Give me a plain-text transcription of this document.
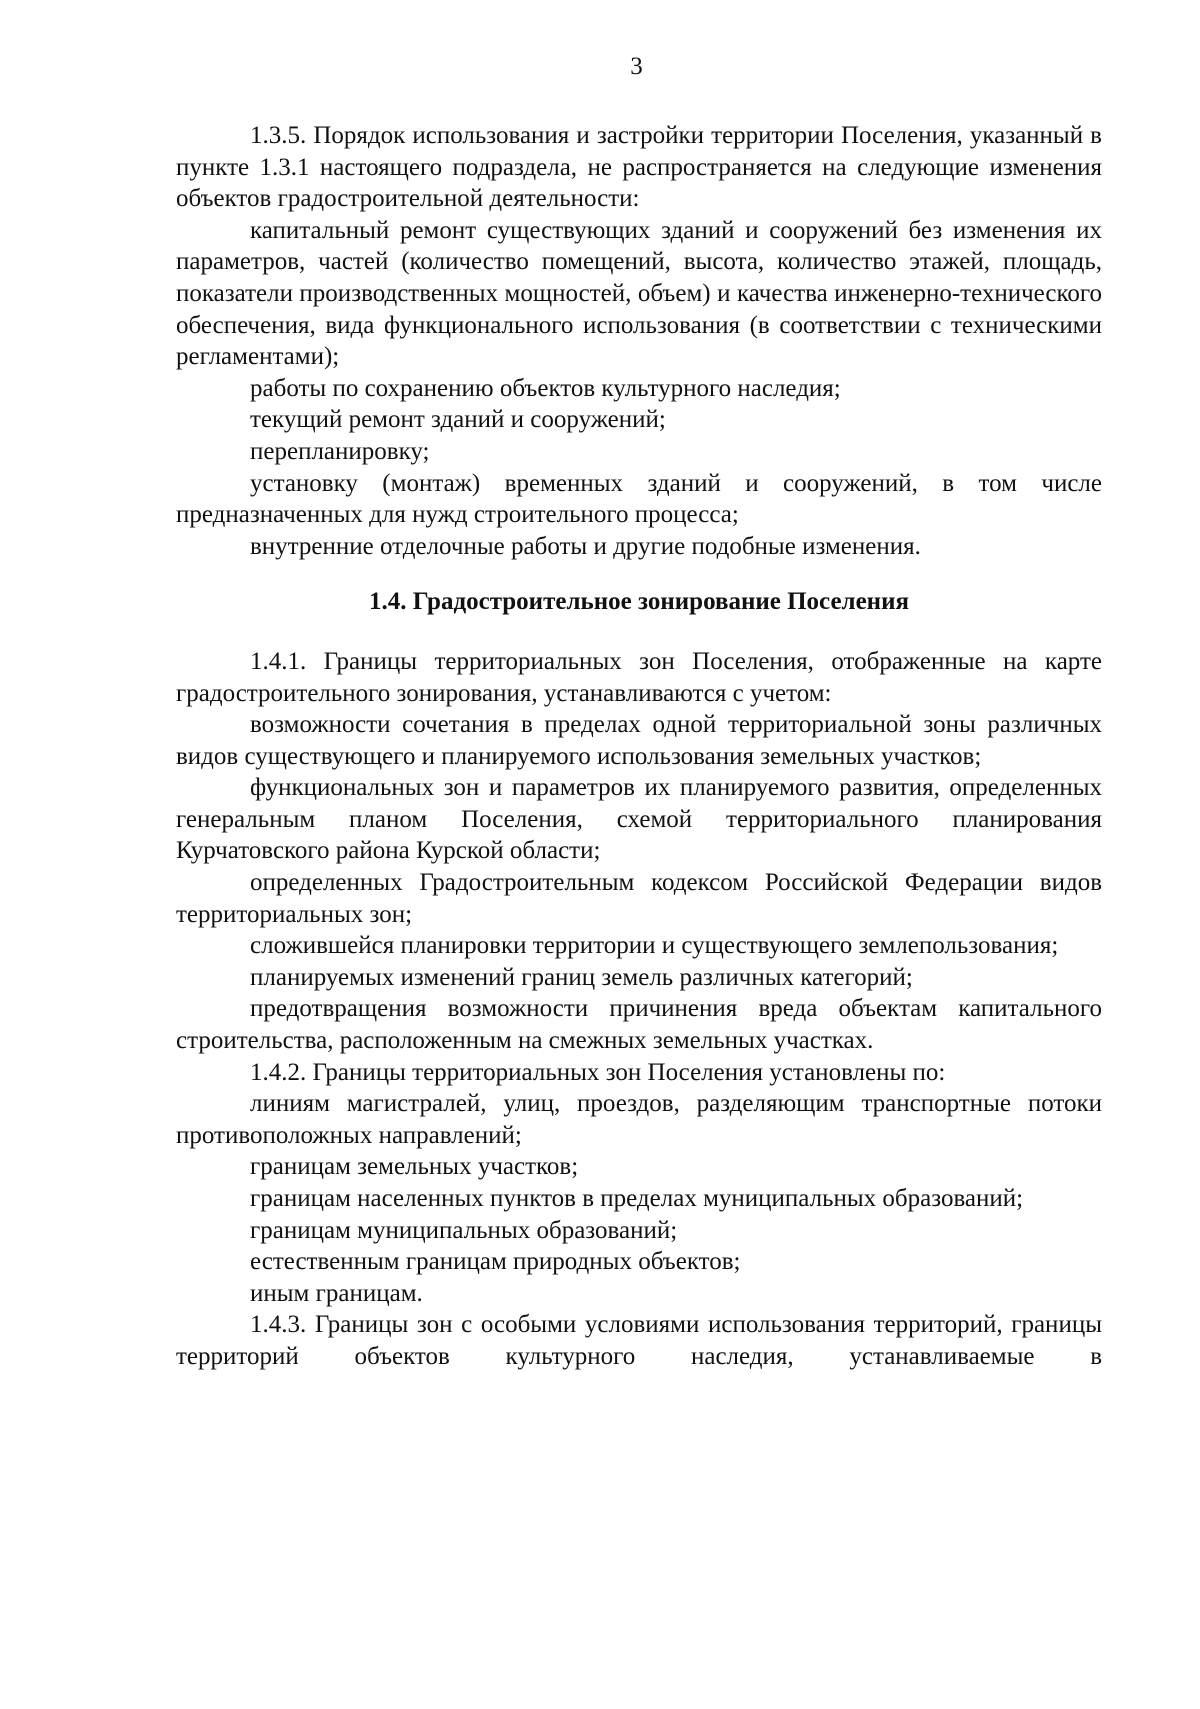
3

1.3.5. Порядок использования и застройки территории Поселения, указанный в пункте 1.3.1 настоящего подраздела, не распространяется на следующие изменения объектов градостроительной деятельности:

капитальный ремонт существующих зданий и сооружений без изменения их параметров, частей (количество помещений, высота, количество этажей, площадь, показатели производственных мощностей, объем) и качества инженерно-технического обеспечения, вида функционального использования (в соответствии с техническими регламентами);

работы по сохранению объектов культурного наследия;

текущий ремонт зданий и сооружений;

перепланировку;

установку (монтаж) временных зданий и сооружений, в том числе предназначенных для нужд строительного процесса;

внутренние отделочные работы и другие подобные изменения.

1.4. Градостроительное зонирование Поселения

1.4.1. Границы территориальных зон Поселения, отображенные на карте градостроительного зонирования, устанавливаются с учетом:

возможности сочетания в пределах одной территориальной зоны различных видов существующего и планируемого использования земельных участков;

функциональных зон и параметров их планируемого развития, определенных генеральным планом Поселения, схемой территориального планирования Курчатовского района Курской области;

определенных Градостроительным кодексом Российской Федерации видов территориальных зон;

сложившейся планировки территории и существующего землепользования;

планируемых изменений границ земель различных категорий;

предотвращения возможности причинения вреда объектам капитального строительства, расположенным на смежных земельных участках.

1.4.2. Границы территориальных зон Поселения установлены по:

линиям магистралей, улиц, проездов, разделяющим транспортные потоки противоположных направлений;

границам земельных участков;

границам населенных пунктов в пределах муниципальных образований;

границам муниципальных образований;

естественным границам природных объектов;

иным границам.

1.4.3. Границы зон с особыми условиями использования территорий, границы территорий объектов культурного наследия, устанавливаемые в
